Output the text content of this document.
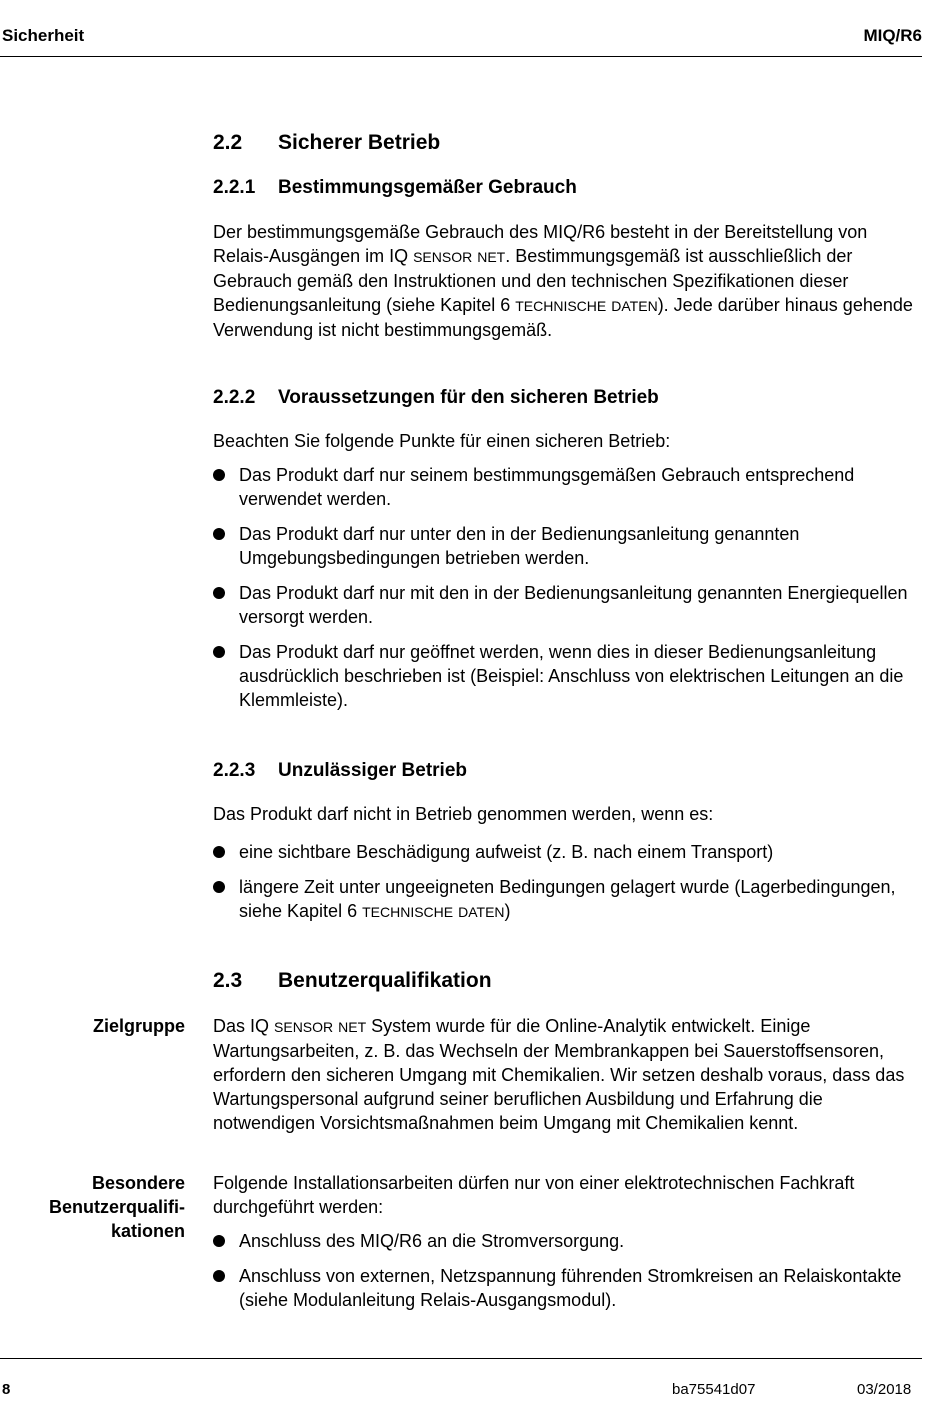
Sicherheit	MIQ/R6
2.2 Sicherer Betrieb
2.2.1 Bestimmungsgemäßer Gebrauch

Der bestimmungsgemäße Gebrauch des MIQ/R6 besteht in der Bereitstellung von Relais-Ausgängen im IQ SENSOR NET. Bestimmungsgemäß ist ausschließlich der Gebrauch gemäß den Instruktionen und den technischen Spezifikationen dieser Bedienungsanleitung (siehe Kapitel 6 TECHNISCHE DATEN). Jede darüber hinaus gehende Verwendung ist nicht bestimmungsgemäß.

2.2.2 Voraussetzungen für den sicheren Betrieb

Beachten Sie folgende Punkte für einen sicheren Betrieb:

Das Produkt darf nur seinem bestimmungsgemäßen Gebrauch entsprechend verwendet werden.
Das Produkt darf nur unter den in der Bedienungsanleitung genannten Umgebungsbedingungen betrieben werden.
Das Produkt darf nur mit den in der Bedienungsanleitung genannten Energiequellen versorgt werden.
Das Produkt darf nur geöffnet werden, wenn dies in dieser Bedienungsanleitung ausdrücklich beschrieben ist (Beispiel: Anschluss von elektrischen Leitungen an die Klemmleiste).
2.2.3 Unzulässiger Betrieb

Das Produkt darf nicht in Betrieb genommen werden, wenn es:

eine sichtbare Beschädigung aufweist (z. B. nach einem Transport)
längere Zeit unter ungeeigneten Bedingungen gelagert wurde (Lagerbedingungen, siehe Kapitel 6 TECHNISCHE DATEN)
2.3 Benutzerqualifikation
Zielgruppe Das IQ SENSOR NET System wurde für die Online-Analytik entwickelt. Einige Wartungsarbeiten, z. B. das Wechseln der Membrankappen bei Sauerstoffsensoren, erfordern den sicheren Umgang mit Chemikalien. Wir setzen deshalb voraus, dass das Wartungspersonal aufgrund seiner beruflichen Ausbildung und Erfahrung die notwendigen Vorsichtsmaßnahmen beim Umgang mit Chemikalien kennt.

Besondere
Benutzerqualifi-
kationen

Folgende Installationsarbeiten dürfen nur von einer elektrotechnischen Fachkraft durchgeführt werden:

Anschluss des MIQ/R6 an die Stromversorgung.
Anschluss von externen, Netzspannung führenden Stromkreisen an Relaiskontakte (siehe Modulanleitung Relais-Ausgangsmodul).
8	ba75541d07	03/2018
